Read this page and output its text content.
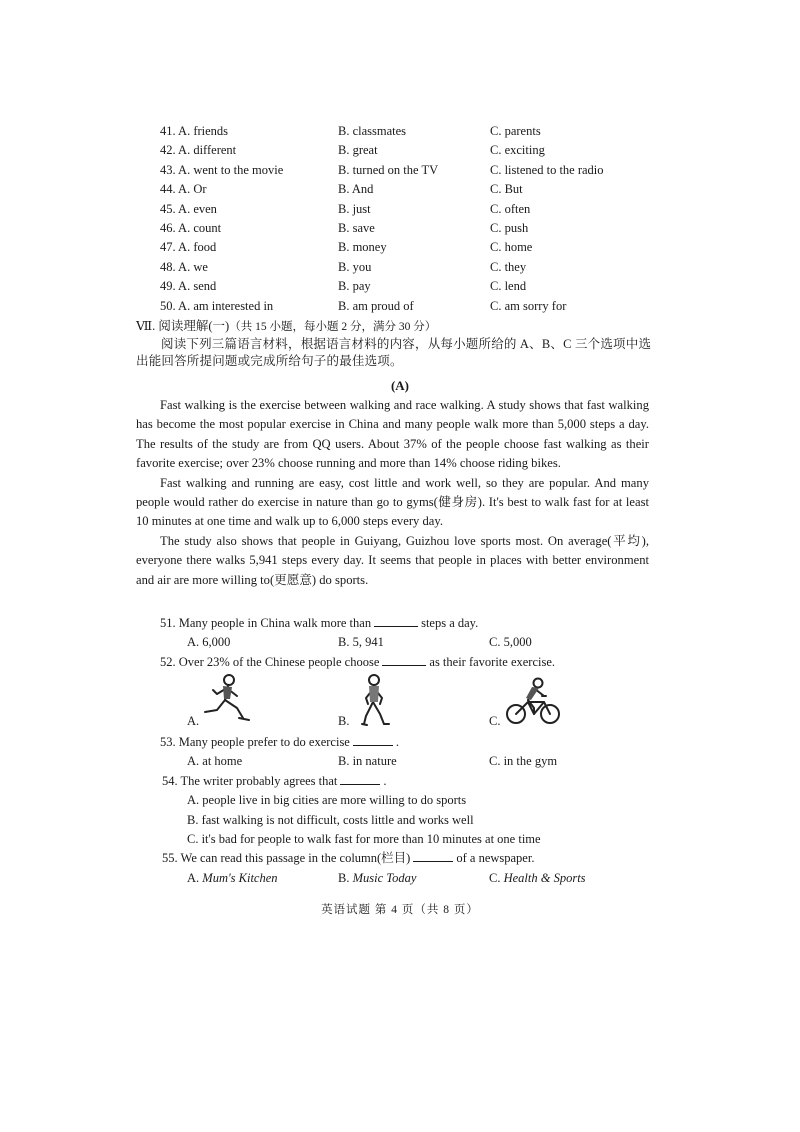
41. A. friends	B. classmates	C. parents
42. A. different	B. great	C. exciting
43. A. went to the movie	B. turned on the TV	C. listened to the radio
44. A. Or	B. And	C. But
45. A. even	B. just	C. often
46. A. count	B. save	C. push
47. A. food	B. money	C. home
48. A. we	B. you	C. they
49. A. send	B. pay	C. lend
50. A. am interested in	B. am proud of	C. am sorry for
Ⅶ. 阅读理解(一)（共 15 小题，每小题 2 分，满分 30 分）
阅读下列三篇语言材料，根据语言材料的内容，从每小题所给的 A、B、C 三个选项中选出能回答所提问题或完成所给句子的最佳选项。
(A)

Fast walking is the exercise between walking and race walking. A study shows that fast walking has become the most popular exercise in China and many people walk more than 5,000 steps a day. The results of the study are from QQ users. About 37% of the people choose fast walking as their favorite exercise; over 23% choose running and more than 14% choose riding bikes.

Fast walking and running are easy, cost little and work well, so they are popular. And many people would rather do exercise in nature than go to gyms(健身房). It's best to walk fast for at least 10 minutes at one time and walk up to 6,000 steps every day.

The study also shows that people in Guiyang, Guizhou love sports most. On average(平均), everyone there walks 5,941 steps every day. It seems that people in places with better environment and air are more willing to(更愿意) do sports.

51. Many people in China walk more than	steps a day.
A. 6,000	B. 5, 941	C. 5,000
52. Over 23% of the Chinese people choose	as their favorite exercise.
A.	B.	C.
53. Many people prefer to do exercise	.
A. at home	B. in nature	C. in the gym
54. The writer probably agrees that	.
A. people live in big cities are more willing to do sports
B. fast walking is not difficult, costs little and works well
C. it's bad for people to walk fast for more than 10 minutes at one time
55. We can read this passage in the column(栏目)	of a newspaper.
A. Mum's Kitchen	B. Music Today	C. Health & Sports
英语试题 第 4 页（共 8 页）
